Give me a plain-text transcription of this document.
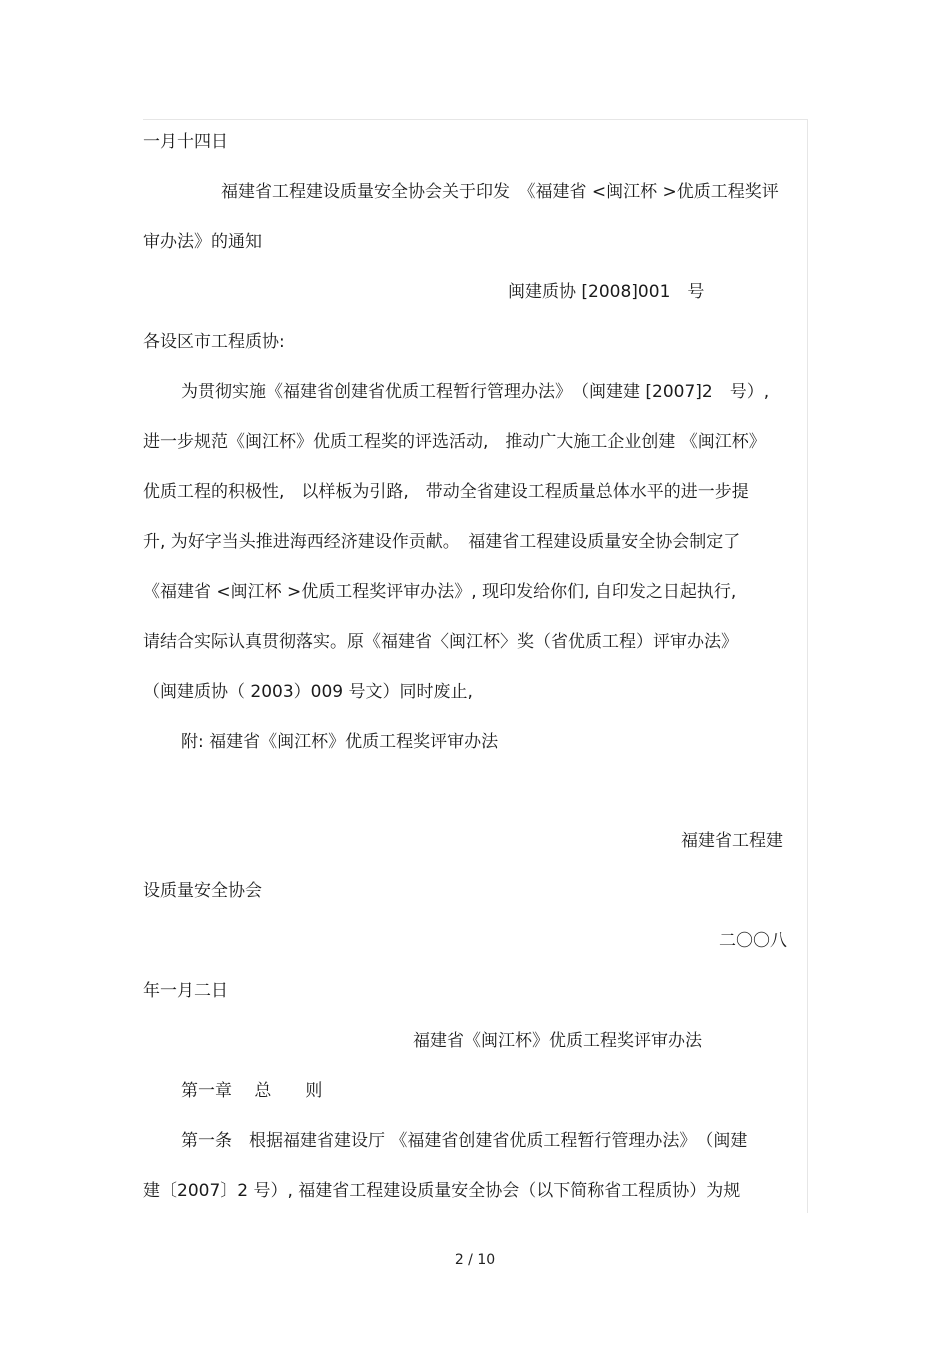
一月十四日
福建省工程建设质量安全协会关于印发　《福建省 <闽江杯 >优质工程奖评
审办法》的通知
闽建质协 [2008]001　号
各设区市工程质协:
为贯彻实施《福建省创建省优质工程暂行管理办法》　（闽建建 [2007]2　号）,
进一步规范《闽江杯》优质工程奖的评选活动,　推动广大施工企业创建 《闽江杯》
优质工程的积极性,　以样板为引路,　带动全省建设工程质量总体水平的进一步提
升, 为好字当头推进海西经济建设作贡献。　福建省工程建设质量安全协会制定了
《福建省 <闽江杯 >优质工程奖评审办法》, 现印发给你们, 自印发之日起执行,
请结合实际认真贯彻落实。原《福建省〈闽江杯〉奖（省优质工程）评审办法》
（闽建质协（ 2003）009 号文）同时废止,
附: 福建省《闽江杯》优质工程奖评审办法
福建省工程建
设质量安全协会
二〇〇八
年一月二日
福建省《闽江杯》优质工程奖评审办法
第一章　 总　　则
第一条　根据福建省建设厅 《福建省创建省优质工程暂行管理办法》　（闽建
建〔2007〕2 号）, 福建省工程建设质量安全协会（以下简称省工程质协）为规
2 / 10
